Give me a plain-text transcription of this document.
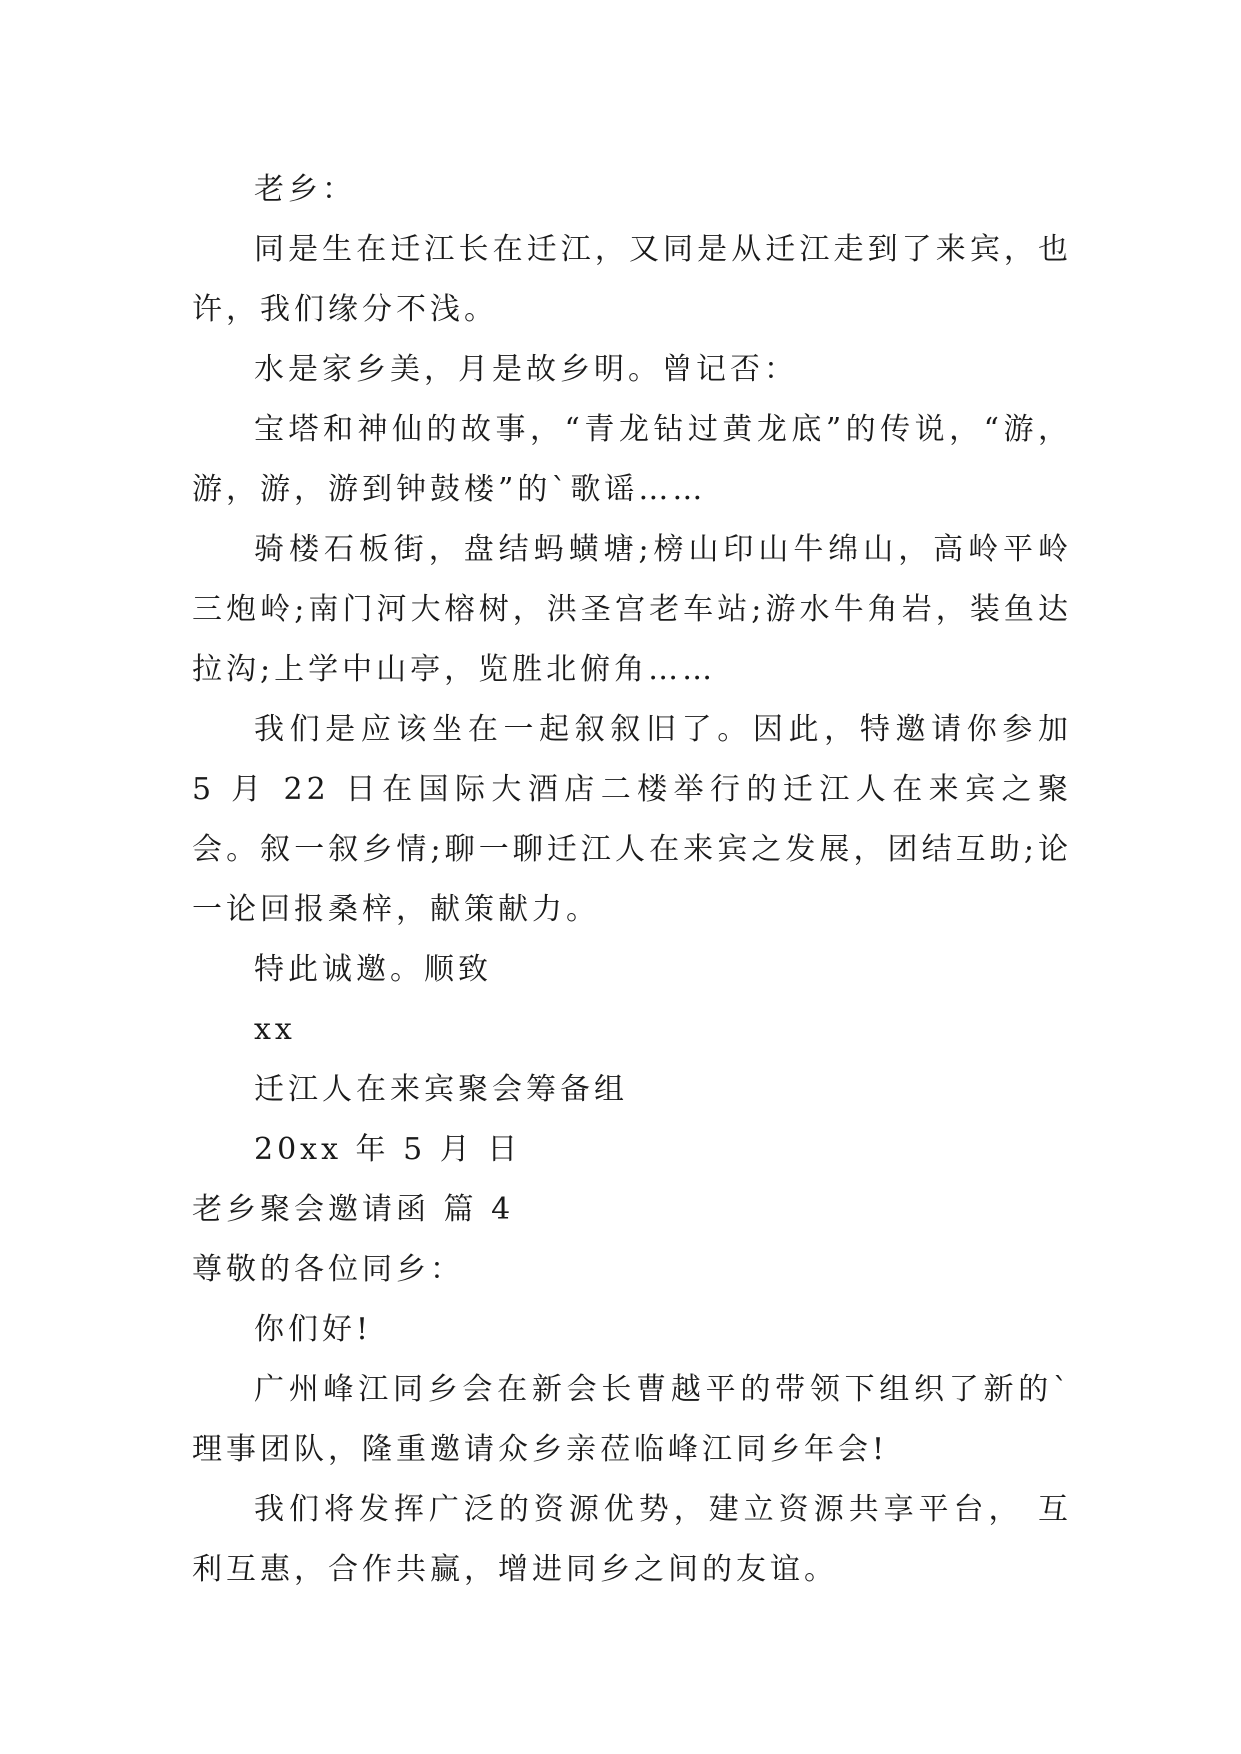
老乡：

同是生在迁江长在迁江，又同是从迁江走到了来宾，也许，我们缘分不浅。

水是家乡美，月是故乡明。曾记否：

宝塔和神仙的故事，“青龙钻过黄龙底”的传说，“游，游，游，游到钟鼓楼”的`歌谣……

骑楼石板街，盘结蚂蟥塘;榜山印山牛绵山，高岭平岭三炮岭;南门河大榕树，洪圣宫老车站;游水牛角岩，装鱼达拉沟;上学中山亭，览胜北俯角……

我们是应该坐在一起叙叙旧了。因此，特邀请你参加 5 月 22 日在国际大酒店二楼举行的迁江人在来宾之聚会。叙一叙乡情;聊一聊迁江人在来宾之发展，团结互助;论一论回报桑梓，献策献力。

特此诚邀。顺致

xx

迁江人在来宾聚会筹备组

20xx 年 5 月 日

老乡聚会邀请函 篇 4

尊敬的各位同乡：

你们好!

广州峰江同乡会在新会长曹越平的带领下组织了新的`理事团队，隆重邀请众乡亲莅临峰江同乡年会!

我们将发挥广泛的资源优势，建立资源共享平台， 互利互惠，合作共赢，增进同乡之间的友谊。
